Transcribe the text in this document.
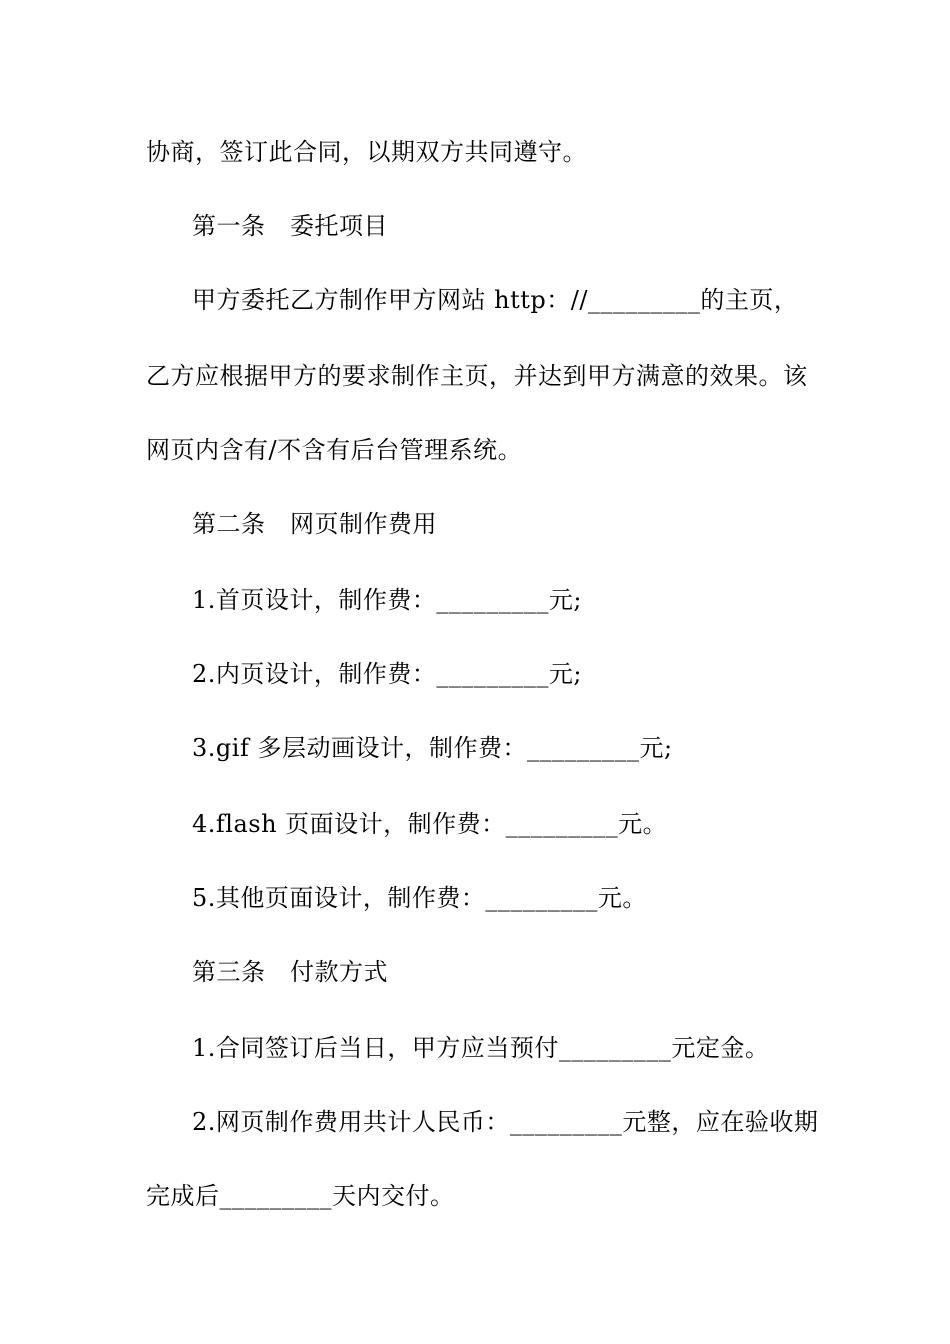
协商，签订此合同，以期双方共同遵守。
第一条　委托项目
甲方委托乙方制作甲方网站 http：//_________的主页，
乙方应根据甲方的要求制作主页，并达到甲方满意的效果。该
网页内含有/不含有后台管理系统。
第二条　网页制作费用
1.首页设计，制作费：_________元;
2.内页设计，制作费：_________元;
3.gif 多层动画设计，制作费：_________元;
4.flash 页面设计，制作费：_________元。
5.其他页面设计，制作费：_________元。
第三条　付款方式
1.合同签订后当日，甲方应当预付_________元定金。
2.网页制作费用共计人民币：_________元整，应在验收期
完成后_________天内交付。
